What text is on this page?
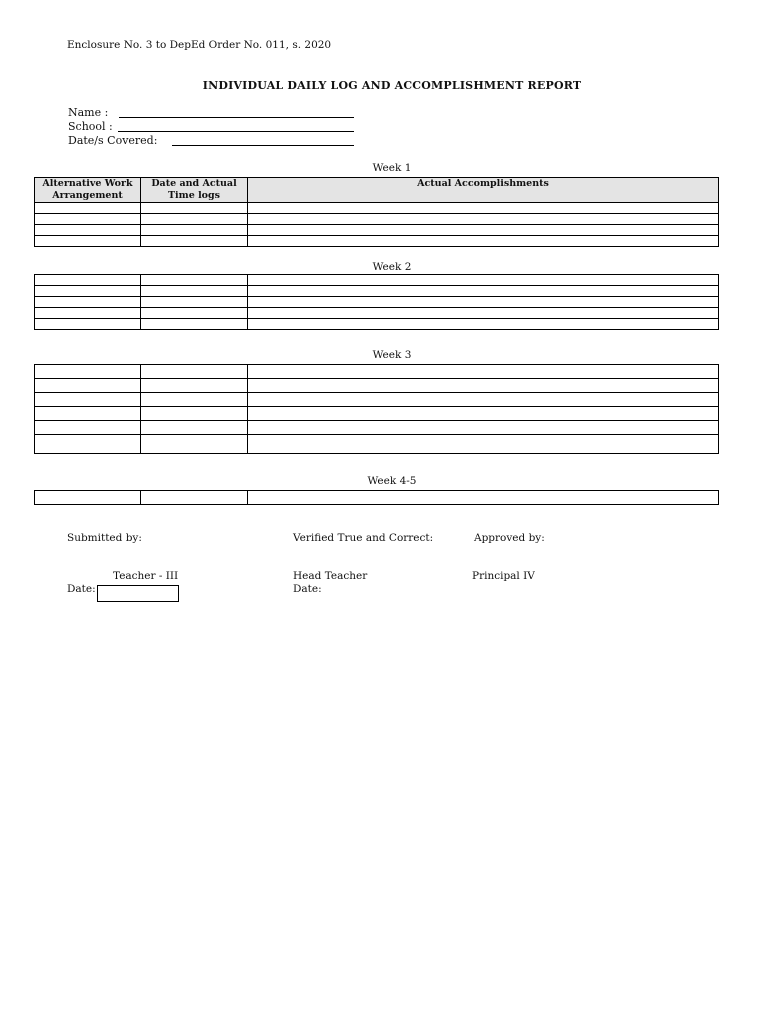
Enclosure No. 3 to DepEd Order No. 011, s. 2020
INDIVIDUAL DAILY LOG AND ACCOMPLISHMENT REPORT
Name :
School :
Date/s Covered:
Week 1
Alternative Work Arrangement	Date and Actual Time logs	Actual Accomplishments

Week 2

Week 3

Week 4-5

Submitted by:	Verified True and Correct:	Approved by:
Teacher - III	Head Teacher	Principal IV
Date:	Date:
